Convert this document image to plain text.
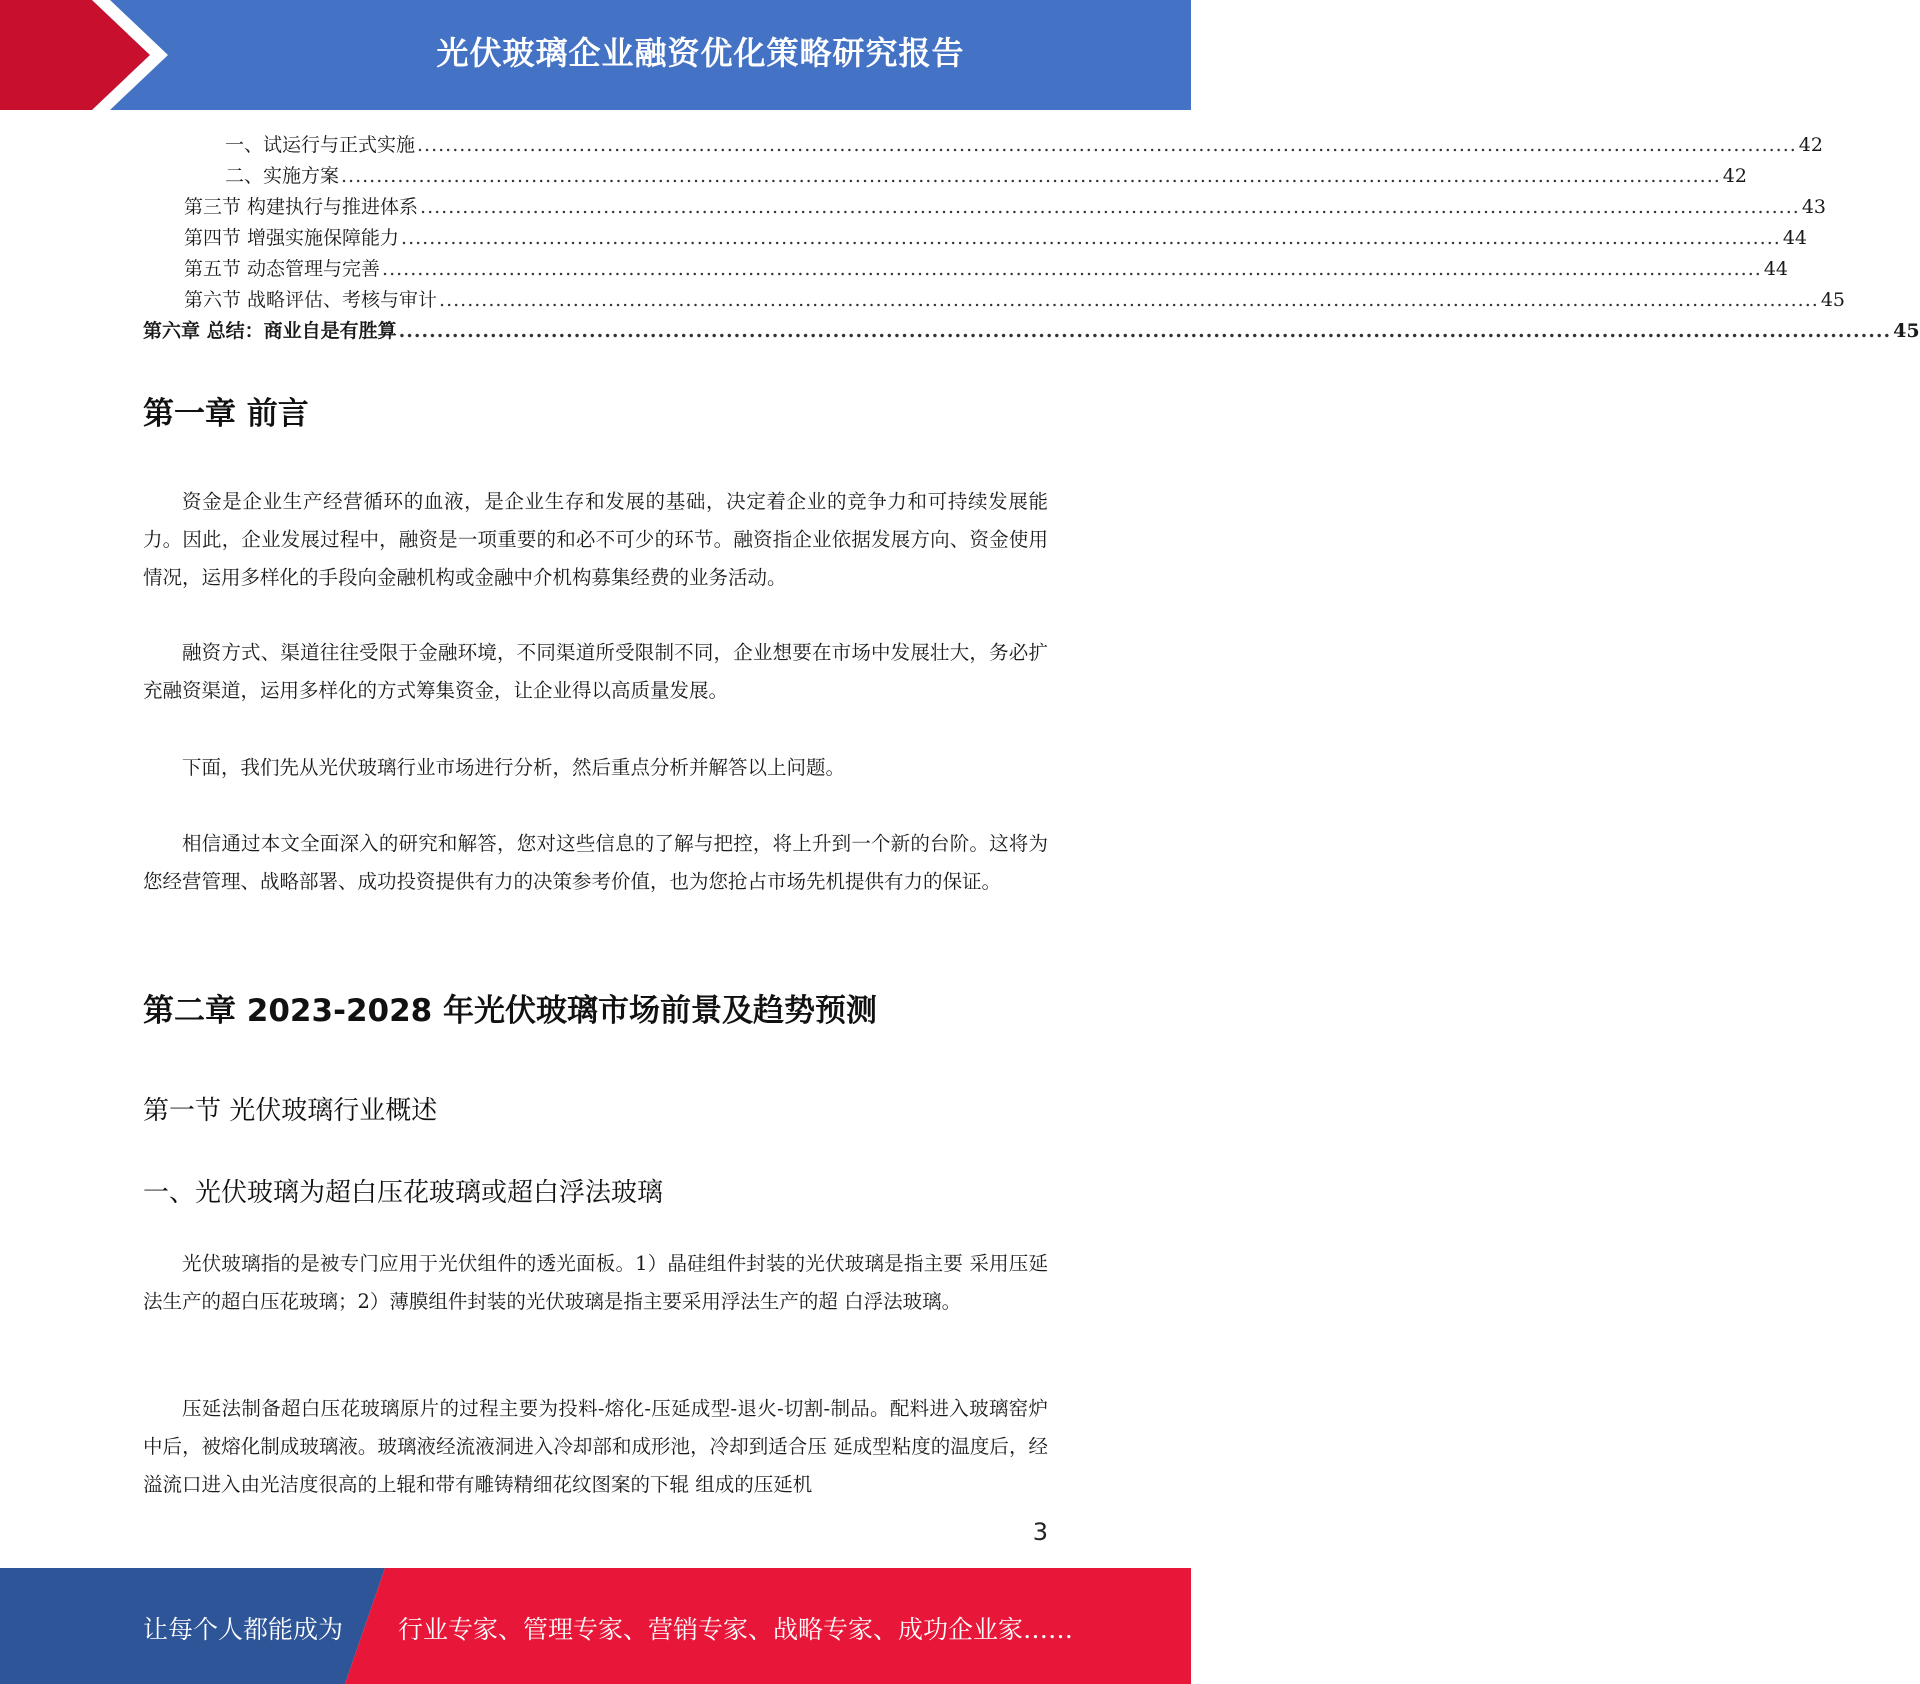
光伏玻璃企业融资优化策略研究报告
一、试运行与正式实施 .................................................................................................................................................................................................... 42
二、实施方案 .................................................................................................................................................................................................... 42
第三节 构建执行与推进体系 .................................................................................................................................................................................................... 43
第四节 增强实施保障能力 .................................................................................................................................................................................................... 44
第五节 动态管理与完善 .................................................................................................................................................................................................... 44
第六节 战略评估、考核与审计 .................................................................................................................................................................................................... 45
第六章 总结：商业自是有胜算 .................................................................................................................................................................................................... 45
第一章 前言

资金是企业生产经营循环的血液，是企业生存和发展的基础，决定着企业的竞争力和可持续发展能力。因此，企业发展过程中，融资是一项重要的和必不可少的环节。融资指企业依据发展方向、资金使用情况，运用多样化的手段向金融机构或金融中介机构募集经费的业务活动。

融资方式、渠道往往受限于金融环境，不同渠道所受限制不同，企业想要在市场中发展壮大，务必扩充融资渠道，运用多样化的方式筹集资金，让企业得以高质量发展。

下面，我们先从光伏玻璃行业市场进行分析，然后重点分析并解答以上问题。

相信通过本文全面深入的研究和解答，您对这些信息的了解与把控，将上升到一个新的台阶。这将为您经营管理、战略部署、成功投资提供有力的决策参考价值，也为您抢占市场先机提供有力的保证。

第二章 2023-2028 年光伏玻璃市场前景及趋势预测
第一节 光伏玻璃行业概述
一、光伏玻璃为超白压花玻璃或超白浮法玻璃

光伏玻璃指的是被专门应用于光伏组件的透光面板。1）晶硅组件封装的光伏玻璃是指主要 采用压延法生产的超白压花玻璃；2）薄膜组件封装的光伏玻璃是指主要采用浮法生产的超 白浮法玻璃。

压延法制备超白压花玻璃原片的过程主要为投料-熔化-压延成型-退火-切割-制品。配料进入玻璃窑炉中后，被熔化制成玻璃液。玻璃液经流液洞进入冷却部和成形池，冷却到适合压 延成型粘度的温度后，经溢流口进入由光洁度很高的上辊和带有雕铸精细花纹图案的下辊 组成的压延机

3
让每个人都能成为 行业专家、管理专家、营销专家、战略专家、成功企业家……
